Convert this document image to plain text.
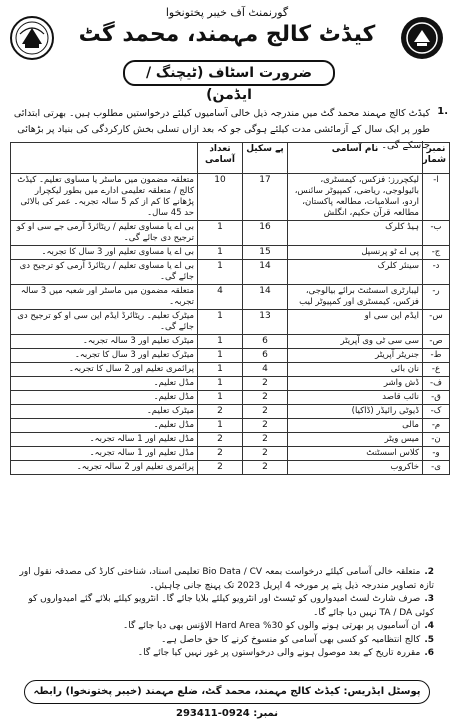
گورنمنٹ آف خیبر پختونخوا
کیڈٹ کالج مہمند، محمد گٹ
ضرورت اسٹاف (ٹیچنگ / ایڈمن)
1.
کیڈٹ کالج مہمند محمد گٹ میں مندرجہ ذیل خالی آسامیوں کیلئے درخواستیں مطلوب ہیں۔ بھرتی ابتدائی طور پر ایک سال کے آزمائشی مدت کیلئے ہوگی جو کہ بعد ازاں تسلی بخش کارکردگی کی بنیاد پر بڑھائی جاسکے گی۔
نمبر شمار	نام آسامی	پے سکیل	تعداد آسامی	
ا-	لیکچررز: فزکس، کیمسٹری، بائیولوجی، ریاضی، کمپیوٹر سائنس، اردو، اسلامیات، مطالعہ پاکستان، مطالعہ قرآن حکیم، انگلش	17	10	متعلقہ مضمون میں ماسٹر یا مساوی تعلیم۔ کیڈٹ کالج / متعلقہ تعلیمی ادارے میں بطور لیکچرار پڑھانے کا کم از کم 5 سالہ تجربہ۔ عمر کی بالائی حد 45 سال۔
ب-	ہیڈ کلرک	16	1	بی اے یا مساوی تعلیم / ریٹائرڈ آرمی جے سی او کو ترجیح دی جائے گی۔
ج-	پی اے ٹو پرنسپل	15	1	بی اے یا مساوی تعلیم اور 3 سال کا تجربہ۔
د-	سینئر کلرک	14	1	بی اے یا مساوی تعلیم / ریٹائرڈ آرمی کو ترجیح دی جائے گی۔
ر-	لیبارٹری اسسٹنٹ برائے بیالوجی، فزکس، کیمسٹری اور کمپیوٹر لیب	14	4	متعلقہ مضمون میں ماسٹر اور شعبہ میں 3 سالہ تجربہ۔
س-	ایڈم این سی او	13	1	میٹرک تعلیم۔ ریٹائرڈ ایڈم این سی او کو ترجیح دی جائے گی۔
ص-	سی سی ٹی وی آپریٹر	6	1	میٹرک تعلیم اور 3 سالہ تجربہ۔
ط-	جنریٹر آپریٹر	6	1	میٹرک تعلیم اور 3 سال کا تجربہ۔
ع-	نان بائی	4	1	پرائمری تعلیم اور 2 سال کا تجربہ۔
ف-	ڈش واشر	2	1	مڈل تعلیم۔
ق-	نائب قاصد	2	1	مڈل تعلیم۔
ک-	ڈیوٹی رائیڈر (ڈاکیا)	2	2	میٹرک تعلیم۔
م-	مالی	2	1	مڈل تعلیم۔
ن-	میس ویٹر	2	2	مڈل تعلیم اور 1 سالہ تجربہ۔
و-	کلاس اسسٹنٹ	2	2	مڈل تعلیم اور 1 سالہ تجربہ۔
ی-	خاکروب	2	2	پرائمری تعلیم اور 2 سالہ تجربہ۔
2.متعلقہ خالی آسامی کیلئے درخواست بمعہ Bio Data / CV تعلیمی اسناد، شناختی کارڈ کی مصدقہ نقول اور تازہ تصاویر مندرجہ ذیل پتے پر مورخہ 4 اپریل 2023 تک پہنچ جانی چاہیئں۔
3.صرف شارٹ لسٹ امیدواروں کو ٹیسٹ اور انٹرویو کیلئے بلایا جائے گا۔ انٹرویو کیلئے بلائے گئے امیدواروں کو کوئی TA / DA نہیں دیا جائے گا۔
4.ان آسامیوں پر بھرتی ہونے والوں کو 30% Hard Area الاؤنس بھی دیا جائے گا۔
5.کالج انتظامیہ کو کسی بھی آسامی کو منسوخ کرنے کا حق حاصل ہے۔
6.مقررہ تاریخ کے بعد موصول ہونے والی درخواستوں پر غور نہیں کیا جائے گا۔
پوسٹل ایڈریس: کیڈٹ کالج مہمند، محمد گٹ، ضلع مہمند (خیبر پختونخوا) رابطہ نمبر: 0924-293411
